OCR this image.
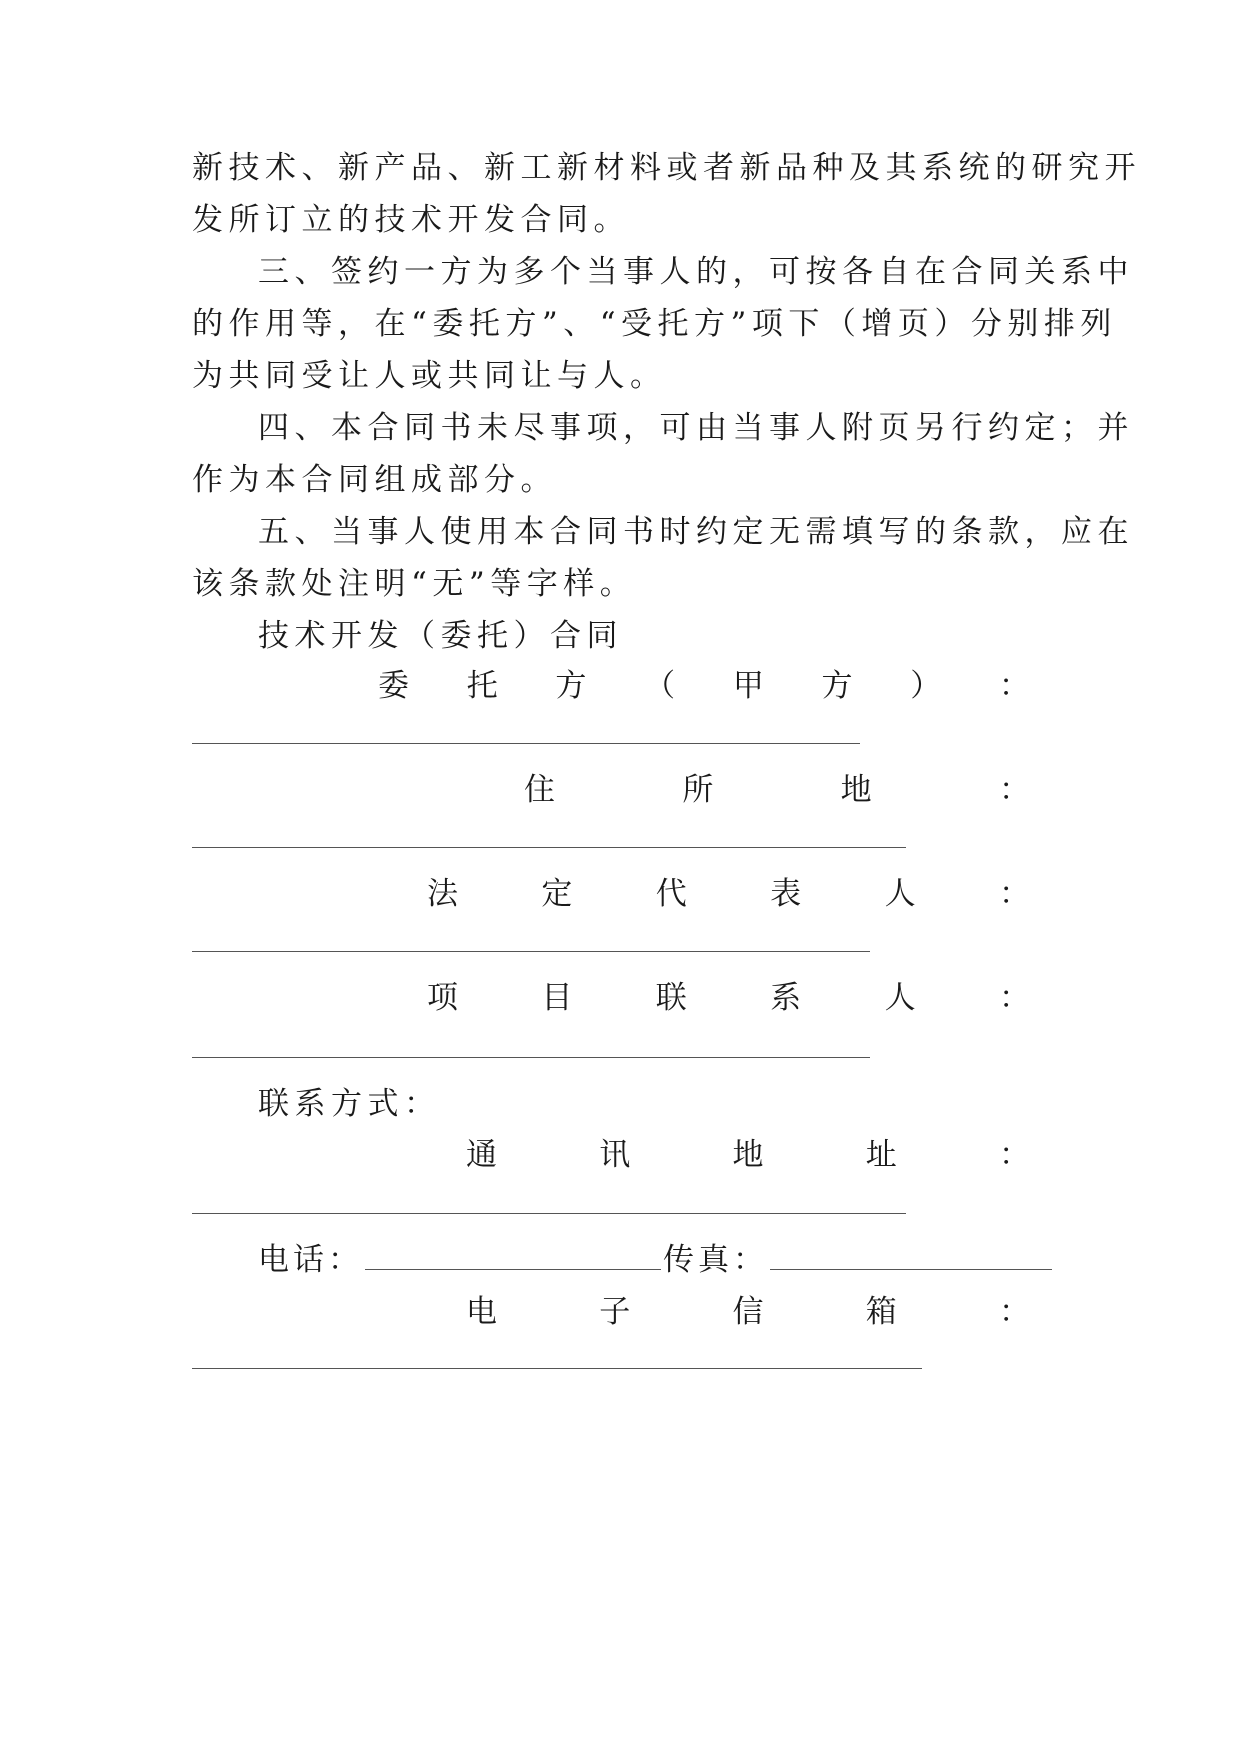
新技术、新产品、新工新材料或者新品种及其系统的研究开
发所订立的技术开发合同。
三、签约一方为多个当事人的，可按各自在合同关系中
的作用等，在“委托方”、“受托方”项下（增页）分别排列
为共同受让人或共同让与人。
四、本合同书未尽事项，可由当事人附页另行约定；并
作为本合同组成部分。
五、当事人使用本合同书时约定无需填写的条款，应在
该条款处注明“无”等字样。
技术开发（委托）合同
委 托 方 （ 甲 方 ） ：
住	所	地	：
法	定	代	表	人	：
项	目	联	系	人	：
联系方式：
通	讯	地	址	：
电话：	传真：
电	子	信	箱	：
